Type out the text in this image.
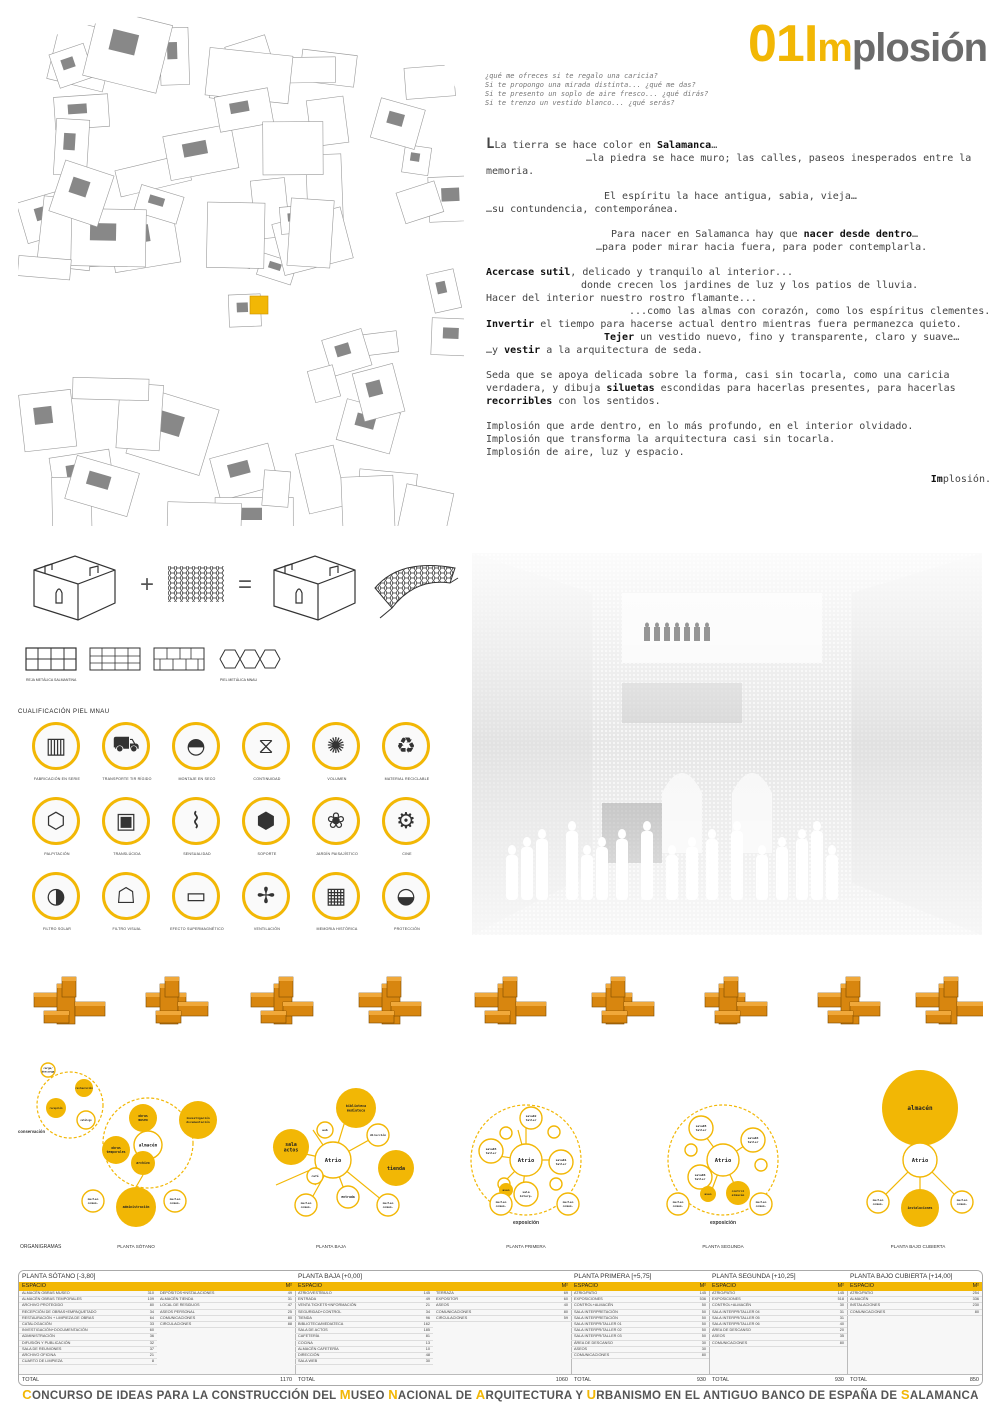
01Implosión
¿qué me ofreces si te regalo una caricia?
Si te propongo una mirada distinta... ¿qué me das?
Si te presento un soplo de aire fresco... ¿qué dirás?
Si te trenzo un vestido blanco... ¿qué serás?

LLa tierra se hace color en Salamanca…
…la piedra se hace muro; las calles, paseos inesperados entre la memoria.

El espíritu la hace antigua, sabia, vieja…
…su contundencia, contemporánea.

Para nacer en Salamanca hay que nacer desde dentro…
…para poder mirar hacia fuera, para poder contemplarla.

Acercase sutil, delicado y tranquilo al interior...
donde crecen los jardines de luz y los patios de lluvia.
Hacer del interior nuestro rostro flamante...
...como las almas con corazón, como los espíritus clementes.
Invertir el tiempo para hacerse actual dentro mientras fuera permanezca quieto.
Tejer un vestido nuevo, fino y transparente, claro y suave…
…y vestir a la arquitectura de seda.

Seda que se apoya delicada sobre la forma, casi sin tocarla, como una caricia verdadera, y dibuja siluetas escondidas para hacerlas presentes, para hacerlas recorribles con los sentidos.

Implosión que arde dentro, en lo más profundo, en el interior olvidado.
Implosión que transforma la arquitectura casi sin tocarla.
Implosión de aire, luz y espacio.

Implosión.

+	=
REJA METÁLICA SALMANTINA	PIEL METÁLICA MNAU
CUALIFICACIÓN PIEL MNAU
▥
FABRICACIÓN EN SERIE
⛟
TRANSPORTE TIR RÍGIDO
◓
MONTAJE EN SECO
⧖
CONTINUIDAD
✺
VOLUMEN
♻
MATERIAL RECICLABLE
⬡
PALPITACIÓN
▣
TRANSLÚCIDA
⌇
SENSUALIDAD
⬢
SOPORTE
❀
JARDÍN PAISAJÍSTICO
⚙
CINE
◑
FILTRO SOLAR
☖
FILTRO VISUAL
▭
EFECTO SUPERMAGNÉTICO
✢
VENTILACIÓN
▦
MEMORIA HISTÓRICA
◒
PROTECCIÓN
carga/
descarga
recepción
catálogo
restauración
obras
museo
investigación
documentación
obras
temporales
almacén
archivo
nucleo
comun.
nucleo
comun.
administración
conservación
Atrio
biblioteca
mediateca
web
dirección
sala
actos
tienda
café
entrada
nucleo
comun.
nucleo
comun.
Atrio
sala02
taller
sala03
taller
sala01
taller
aseo	sala
interp.
nucleo
comun.
nucleo
comun.
exposición
Atrio
sala05
taller
sala04
taller
sala06
taller
aseo
control
almacén
nucleo
comun.
nucleo
comun.
exposición
almacén
Atrio
instalaciones
nucleo
comun.
nucleo
comun.
ORGANIGRAMAS	PLANTA SÓTANO	PLANTA BAJA	PLANTA PRIMERA	PLANTA SEGUNDA	PLANTA BAJO CUBIERTA
PLANTA SÓTANO [-3,80]
ESPACIO	M²
ALMACÉN OBRAS MUSEO	310
ALMACÉN OBRAS TEMPORALES	109
ARCHIVO PROTEGIDO	80
RECEPCIÓN DE OBRAS+EMPAQUETADO	34
RESTAURACIÓN + LIMPIEZA DE OBRAS	64
CATALOGACIÓN	33
INVESTIGACIÓN+DOCUMENTACIÓN	60
ADMINISTRACIÓN	36
DIFUSIÓN Y PUBLICACIÓN	32
SALA DE REUNIONES	37
ARCHIVO OFICINA	21
CUARTO DE LIMPIEZA	8
DEPÓSITOS+INSTALACIONES	49
ALMACÉN TIENDA	31
LOCAL DE RESIDUOS	47
ASEOS PERSONAL	25
COMUNICACIONES	80
CIRCULACIONES	88
TOTAL	1170
PLANTA BAJA [+0,00]
ESPACIO	M²
ATRIO/VESTÍBULO	145
ENTRADA	49
VENTA TICKETS+INFORMACIÓN	21
SEGURIDAD+CONTROL	34
TIENDA	96
BIBLIOTECA/MEDIATECA	162
SALA DE ACTOS	185
CAFETERÍA	81
COCINA	13
ALMACÉN CAFETERÍA	10
DIRECCIÓN	48
SALA WEB	30
TERRAZA	69
EXPOSITOR	60
ASEOS	40
COMUNICACIONES	80
CIRCULACIONES	59
TOTAL	1060
PLANTA PRIMERA [+5,75]
ESPACIO	M²
ATRIO/PATIO	145
EXPOSICIONES	536
CONTROL+ALMACÉN	50
SALA INTERPRETACIÓN	50
SALA INTERPRETACIÓN	50
SALA INTERPR/TALLER 01	50
SALA INTERPR/TALLER 02	50
SALA INTERPR/TALLER 03	50
ÁREA DE DESCANSO	30
ASEOS	30
COMUNICACIONES	80
TOTAL	930
PLANTA SEGUNDA [+10,25]
ESPACIO	M²
ATRIO/PATIO	145
EXPOSICIONES	518
CONTROL+ALMACÉN	30
SALA INTERPR/TALLER 04	31
SALA INTERPR/TALLER 05	31
SALA INTERPR/TALLER 06	40
ÁREA DE DESCANSO	20
ASEOS	35
COMUNICACIONES	80
TOTAL	930
PLANTA BAJO CUBIERTA [+14,00]
ESPACIO	M²
ATRIO/PATIO	254
ALMACÉN	336
INSTALACIONES	230
COMUNICACIONES	80
TOTAL	850
CONCURSO DE IDEAS PARA LA CONSTRUCCIÓN DEL MUSEO NACIONAL DE ARQUITECTURA Y URBANISMO EN EL ANTIGUO BANCO DE ESPAÑA DE SALAMANCA
